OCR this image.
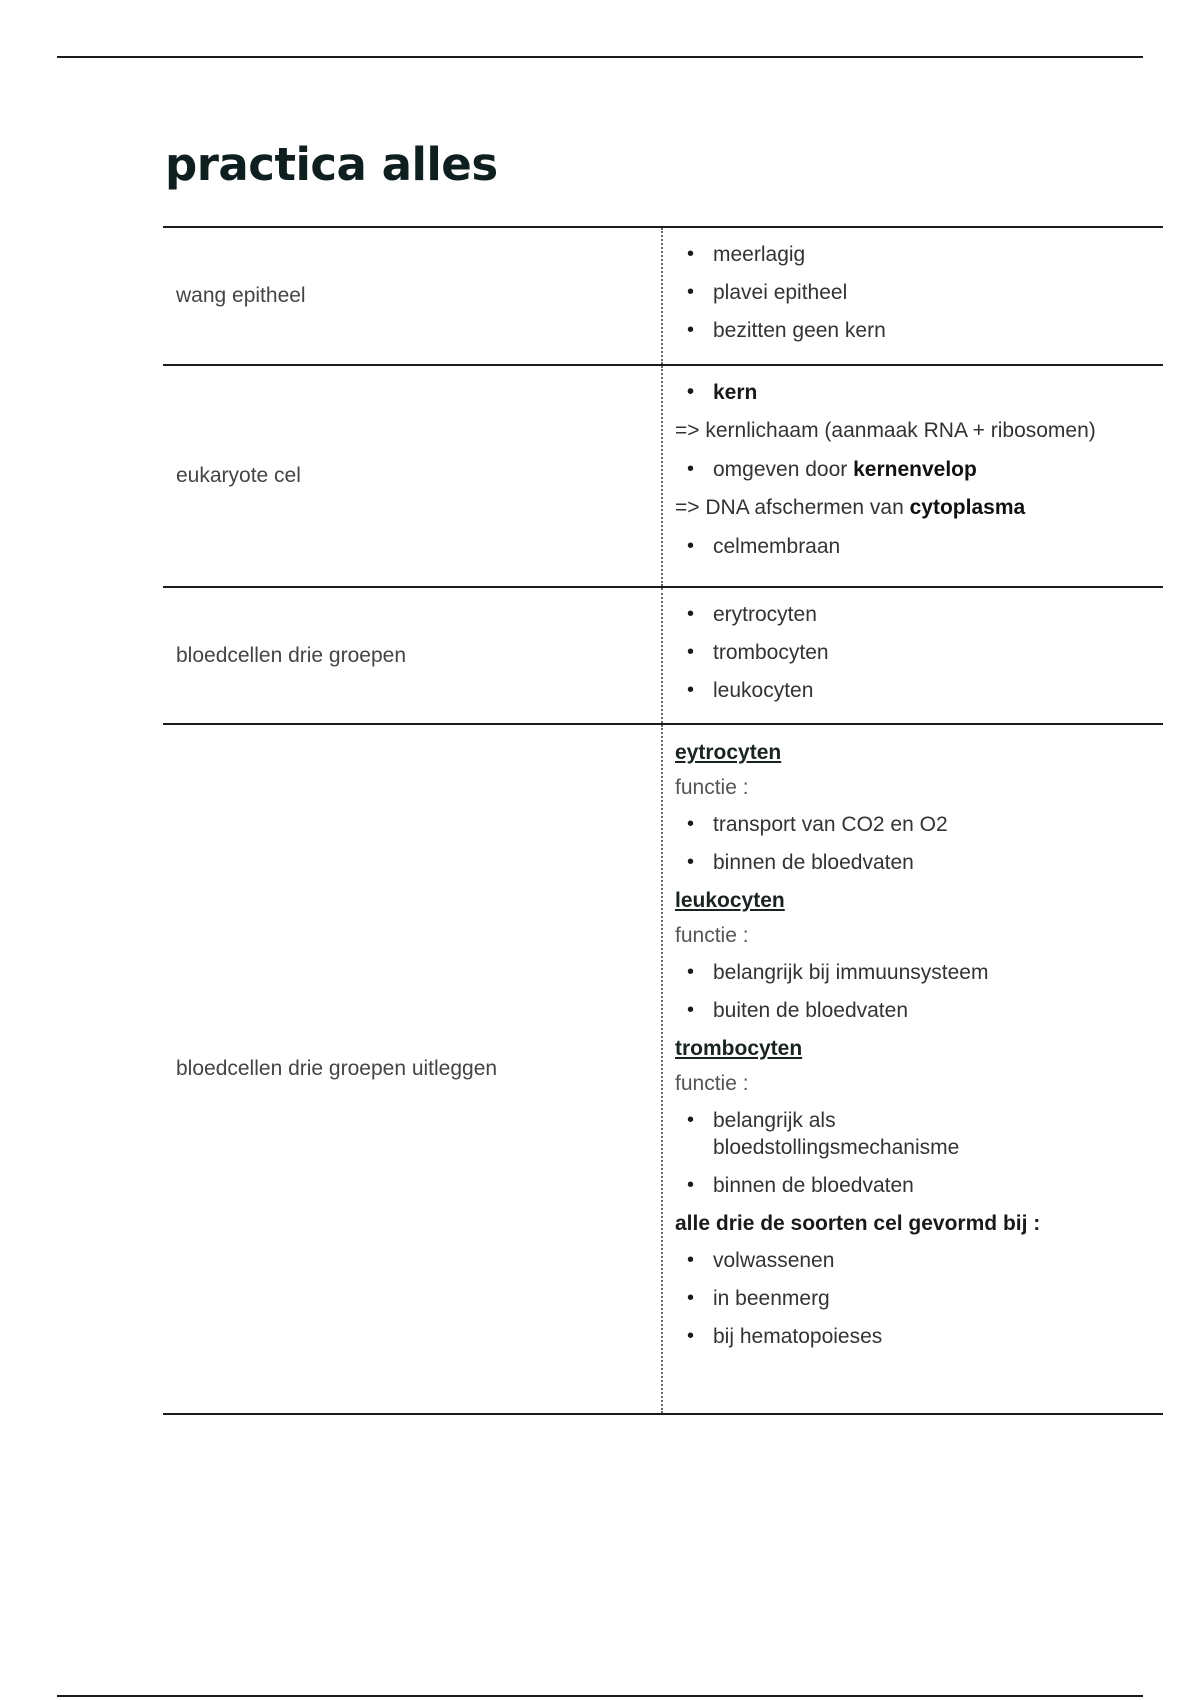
practica alles
wang epitheel
• meerlagig
• plavei epitheel
• bezitten geen kern
eukaryote cel
• kern
=> kernlichaam (aanmaak RNA + ribosomen)
• omgeven door kernenvelop
=> DNA afschermen van cytoplasma
• celmembraan
bloedcellen drie groepen
• erytrocyten
• trombocyten
• leukocyten
bloedcellen drie groepen uitleggen
eytrocyten
functie :
• transport van CO2 en O2
• binnen de bloedvaten
leukocyten
functie :
• belangrijk bij immuunsysteem
• buiten de bloedvaten
trombocyten
functie :
• belangrijk als bloedstollingsmechanisme
• binnen de bloedvaten
alle drie de soorten cel gevormd bij :
• volwassenen
• in beenmerg
• bij hematopoieses
